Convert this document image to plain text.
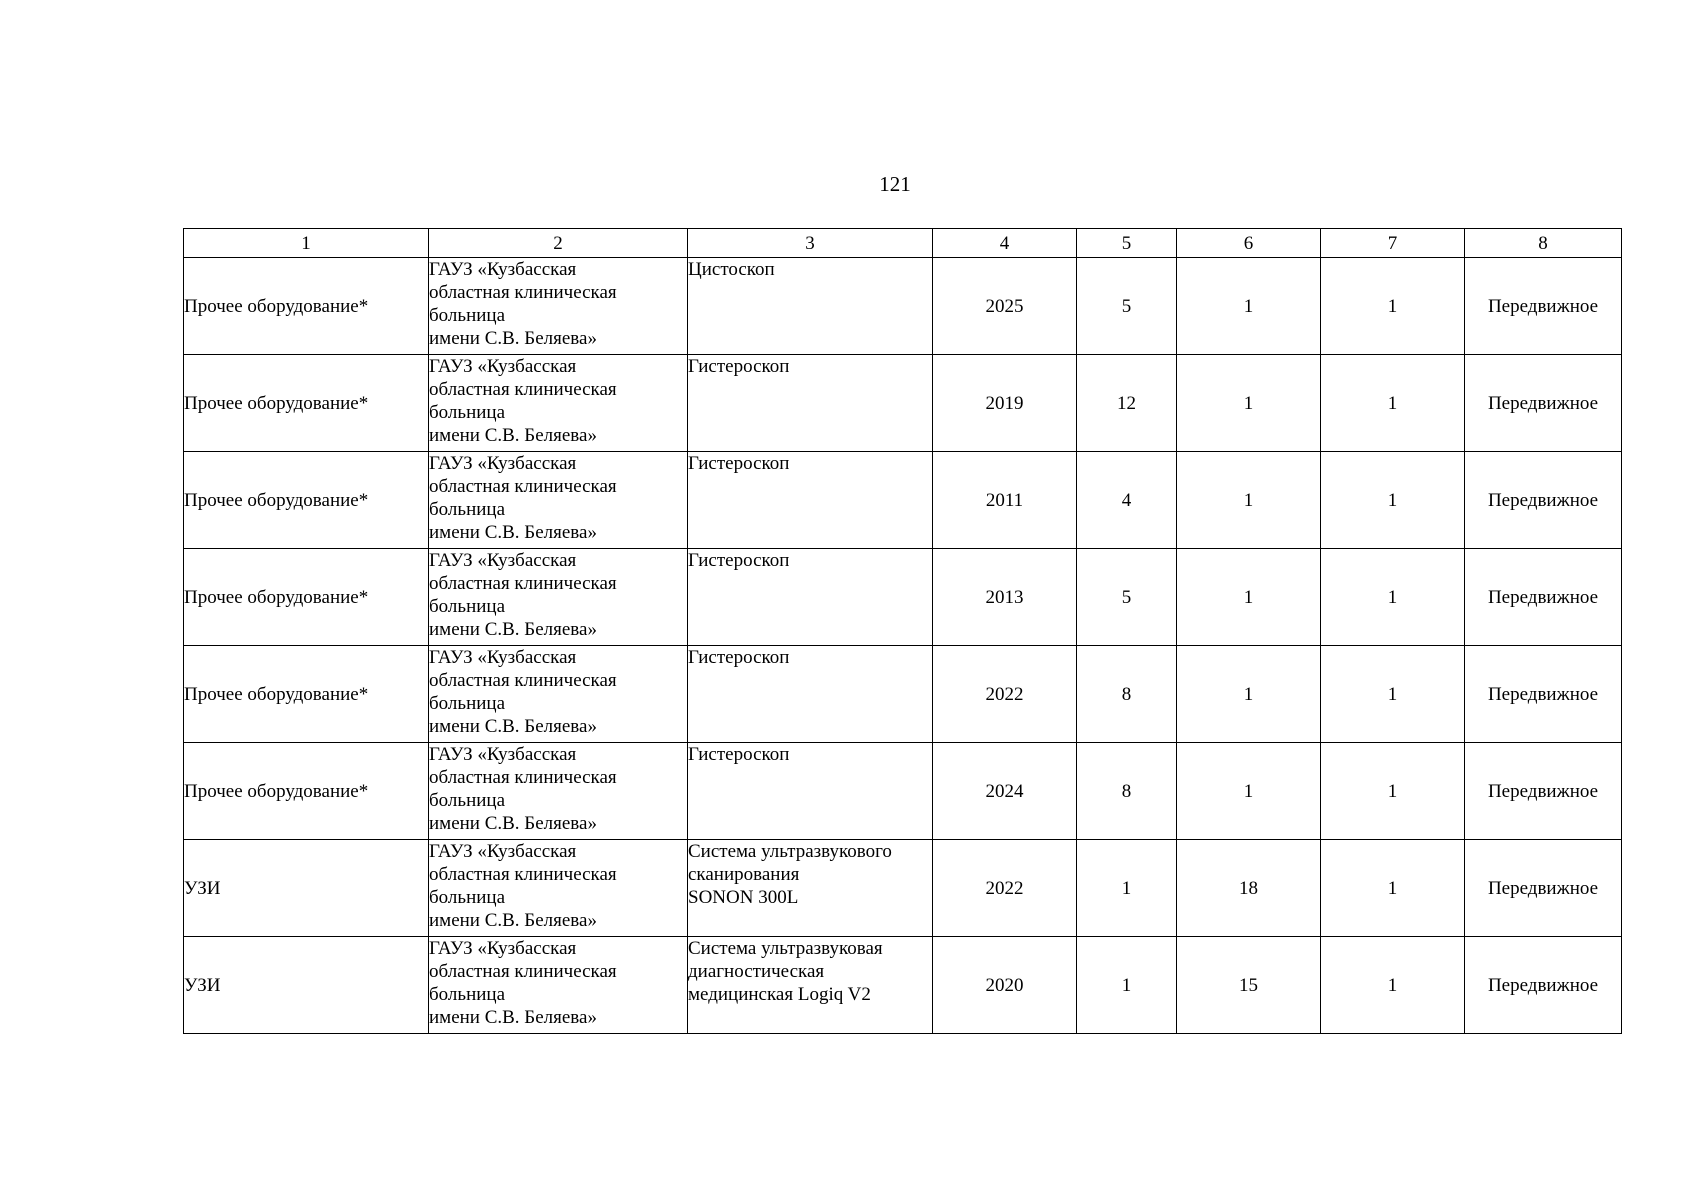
121
1	2	3	4	5	6	7	8
Прочее оборудование*	ГАУЗ «Кузбасская
областная клиническая
больница
имени С.В. Беляева»	Цистоскоп	2025	5	1	1	Передвижное
Прочее оборудование*	ГАУЗ «Кузбасская
областная клиническая
больница
имени С.В. Беляева»	Гистероскоп	2019	12	1	1	Передвижное
Прочее оборудование*	ГАУЗ «Кузбасская
областная клиническая
больница
имени С.В. Беляева»	Гистероскоп	2011	4	1	1	Передвижное
Прочее оборудование*	ГАУЗ «Кузбасская
областная клиническая
больница
имени С.В. Беляева»	Гистероскоп	2013	5	1	1	Передвижное
Прочее оборудование*	ГАУЗ «Кузбасская
областная клиническая
больница
имени С.В. Беляева»	Гистероскоп	2022	8	1	1	Передвижное
Прочее оборудование*	ГАУЗ «Кузбасская
областная клиническая
больница
имени С.В. Беляева»	Гистероскоп	2024	8	1	1	Передвижное
УЗИ	ГАУЗ «Кузбасская
областная клиническая
больница
имени С.В. Беляева»	Система ультразвукового
сканирования
SONON 300L	2022	1	18	1	Передвижное
УЗИ	ГАУЗ «Кузбасская
областная клиническая
больница
имени С.В. Беляева»	Система ультразвуковая
диагностическая
медицинская Logiq V2	2020	1	15	1	Передвижное
